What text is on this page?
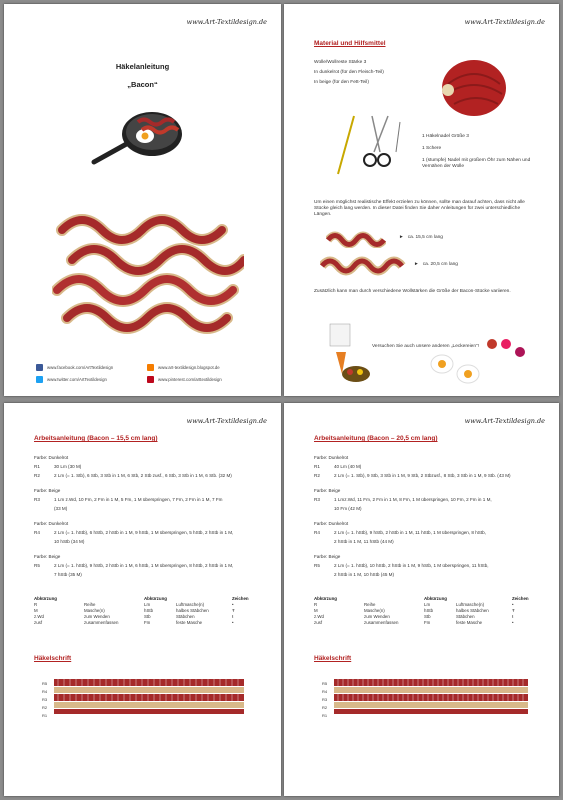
www.Art-Textildesign.de
Häkelanleitung
„Bacon“
www.facebook.com/ArtTextildesign	www.art-textildesign.blogspot.de
www.twitter.com/ArtTextildesign	www.pinterest.com/arttextildesign
www.Art-Textildesign.de
Material und Hilfsmittel
Wolle/Wollreste Stärke 3
In dunkelrot (für den Fleisch-Teil)
In beige (für den Fett-Teil)
1 Häkelnadel Größe 3
1 Schere
1 (stumpfe) Nadel mit großem Öhr zum Nähen und Vernähen der Wolle
Um einen möglichst realistische Effekt erzielen zu können, sollte man darauf achten, dass nicht alle Stücke gleich lang werden. In dieser Datei finden Sie daher Anleitungen für zwei unterschiedliche Längen.
►   ca. 15,5 cm lang
►   ca. 20,5 cm lang
Zusätzlich kann man durch verschiedene Wollstärken die Größe der Bacon-Stücke variieren.
Versuchen Sie auch unsere anderen „Leckereien“!
www.Art-Textildesign.de
Arbeitsanleitung (Bacon – 15,5 cm lang)
Farbe: Dunkelrot
R1	30 Lm (30 M)
R2	2 Lm (= 1. Stb), 6 Stb, 3 Stb in 1 M, 6 Stb, 2 Stb zusf., 6 Stb, 3 Stb in 1 M, 6 Stb. (32 M)
Farbe: Beige
R3	1 Lm z.Wd, 10 Fm, 2 Fm in 1 M, 5 Fm, 1 M überspringen, 7 Fm, 2 Fm in 1 M, 7 Fm
(33 M)
Farbe: Dunkelrot
R4	2 Lm (= 1. hStb), 6 hStb, 2 hStb in 1 M, 9 hStb, 1 M überspringen, 5 hStb, 2 hStb in 1 M,
10 hStb (34 M)
Farbe: Beige
R5	2 Lm (= 1. hStb), 9 hStb, 2 hStb in 1 M, 6 hStb, 1 M überspringen, 8 hStb, 2 hStb in 1 M,
7 hStb (35 M)
Abkürzung		Abkürzung		Zeichen
R	Reihe	Lm	Luftmasche(n)	•
M	Masche(n)	hStb	halbes Stäbchen	Ŧ
z.Wd	zum Wenden	Stb	Stäbchen	ŧ
zusf	zusammenfassen	Fm	feste Masche	•
Häkelschrift
R5
R4
R3
R2
R1
www.Art-Textildesign.de
Arbeitsanleitung (Bacon – 20,5 cm lang)
Farbe: Dunkelrot
R1	40 Lm (40 M)
R2	2 Lm (= 1. Stb), 9 Stb, 3 Stb in 1 M, 9 Stb, 2 Stbzusf., 8 Stb, 3 Stb in 1 M, 9 Stb. (43 M)
Farbe: Beige
R3	1 Lmz.Wd, 11 Fm, 2 Fm in 1 M, 8 Fm, 1 M überspringen, 10 Fm, 2 Fm in 1 M,
10 Fm (42 M)
Farbe: Dunkelrot
R4	2 Lm (= 1. hStb), 9 hStb, 2 hStb in 1 M, 11 hStb, 1 M überspringen, 8 hStb,
2 hStb in 1 M, 11 hStb (44 M)
Farbe: Beige
R5	2 Lm (= 1. hStb), 10 hStb, 2 hStb in 1 M, 9 hStb, 1 M überspringen, 11 hStb,
2 hStb in 1 M, 10 hStb (45 M)
Abkürzung		Abkürzung		Zeichen
R	Reihe	Lm	Luftmasche(n)	•
M	Masche(n)	hStb	halbes Stäbchen	Ŧ
z.Wd	zum Wenden	Stb	Stäbchen	ŧ
zusf	zusammenfassen	Fm	feste Masche	•
Häkelschrift
R5
R4
R3
R2
R1
